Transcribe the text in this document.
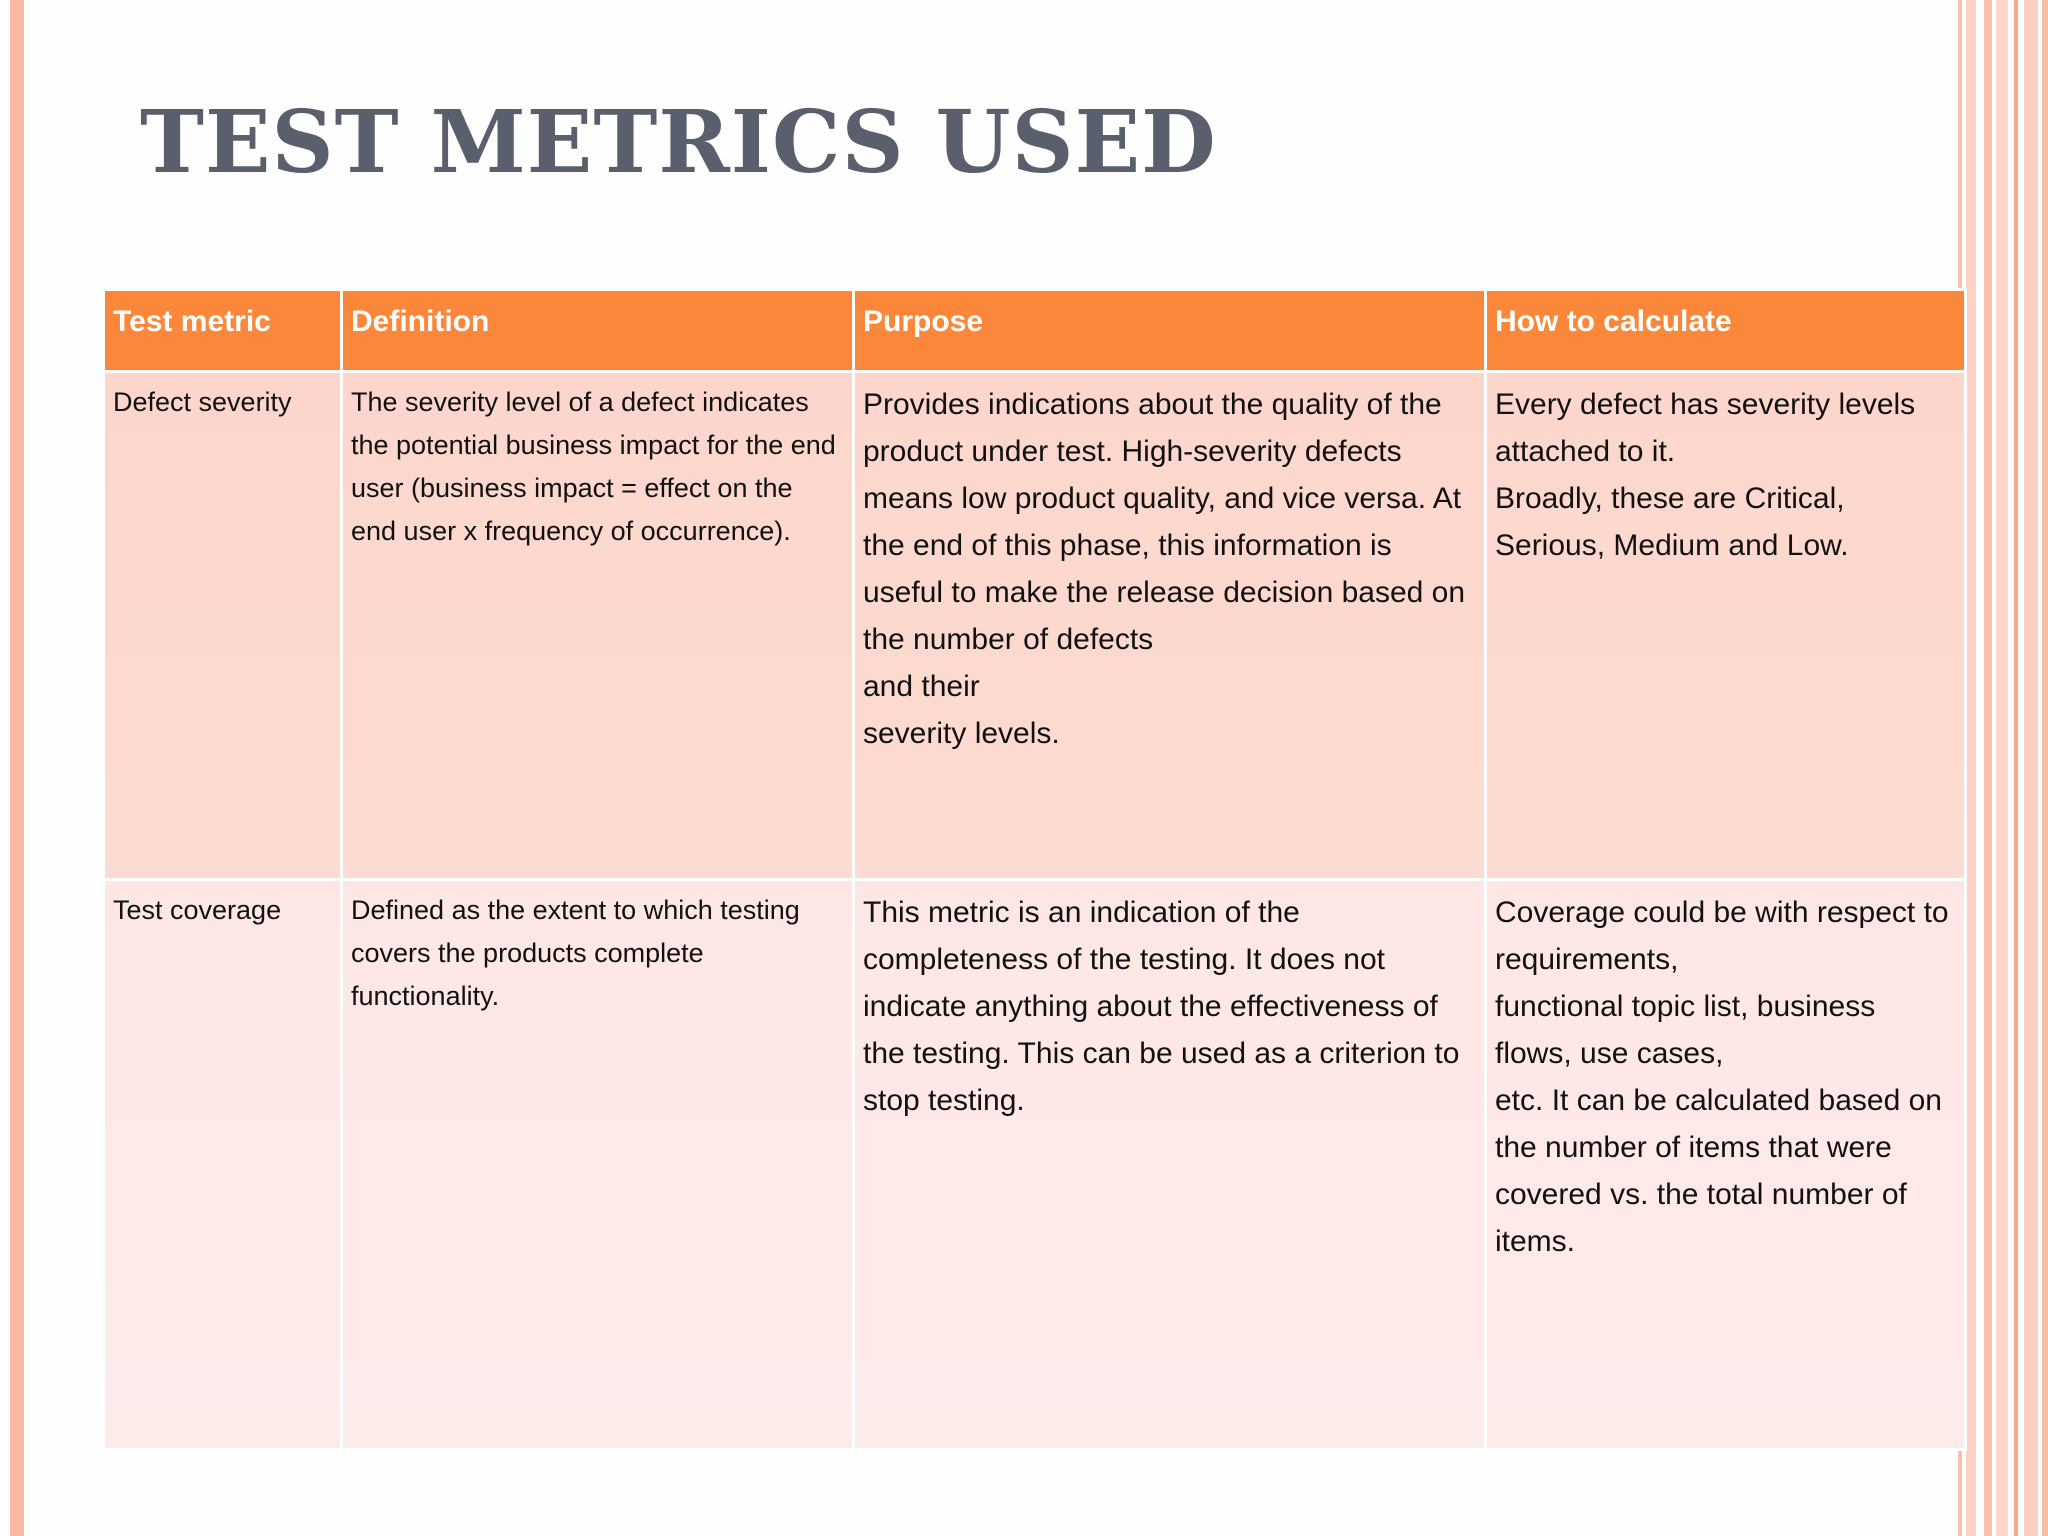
TEST METRICS USED
Test metric	Definition	Purpose	How to calculate
Defect severity	The severity level of a defect indicates the potential business impact for the end user (business impact = effect on the end user x frequency of occurrence).	Provides indications about the quality of the product under test. High-severity defects means low product quality, and vice versa. At the end of this phase, this information is useful to make the release decision based on the number of defects
and their
severity levels.	Every defect has severity levels attached to it.
Broadly, these are Critical, Serious, Medium and Low.

Test coverage	Defined as the extent to which testing covers the products complete functionality.	This metric is an indication of the completeness of the testing. It does not indicate anything about the effectiveness of the testing. This can be used as a criterion to stop testing.	Coverage could be with respect to requirements,
functional topic list, business flows, use cases,
etc. It can be calculated based on the number of items that were covered vs. the total number of items.
